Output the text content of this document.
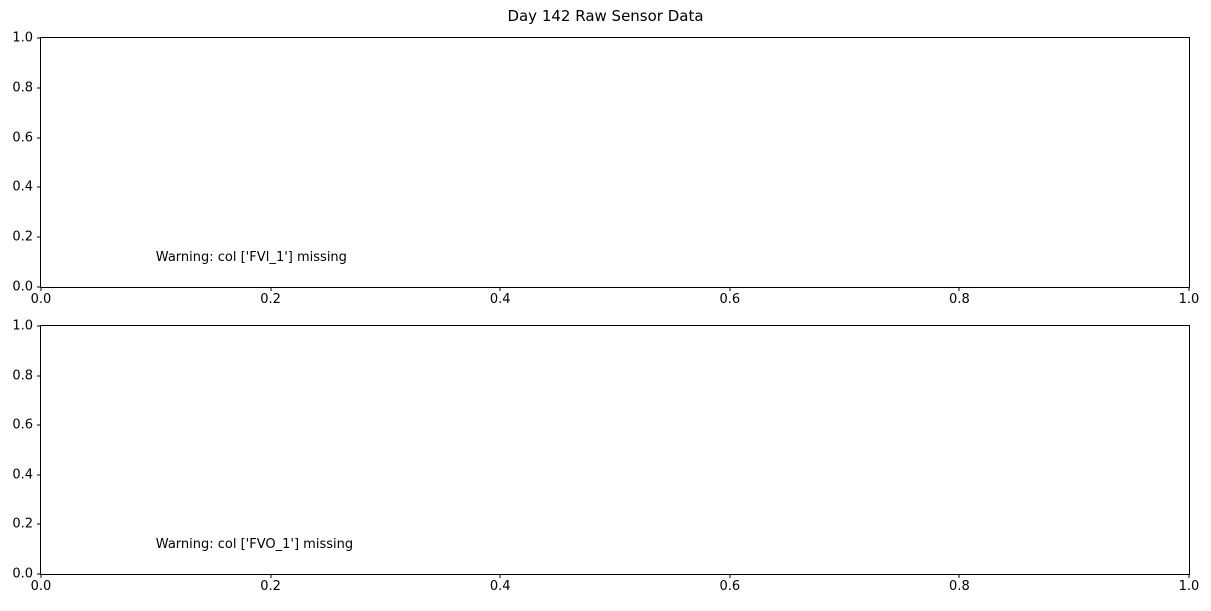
Day 142 Raw Sensor Data
Warning: col ['FVI_1'] missing
0.0	0.2	0.4	0.6	0.8	1.0
0.0
0.2
0.4
0.6
0.8
1.0
Warning: col ['FVO_1'] missing
0.0	0.2	0.4	0.6	0.8	1.0
0.0
0.2
0.4
0.6
0.8
1.0
